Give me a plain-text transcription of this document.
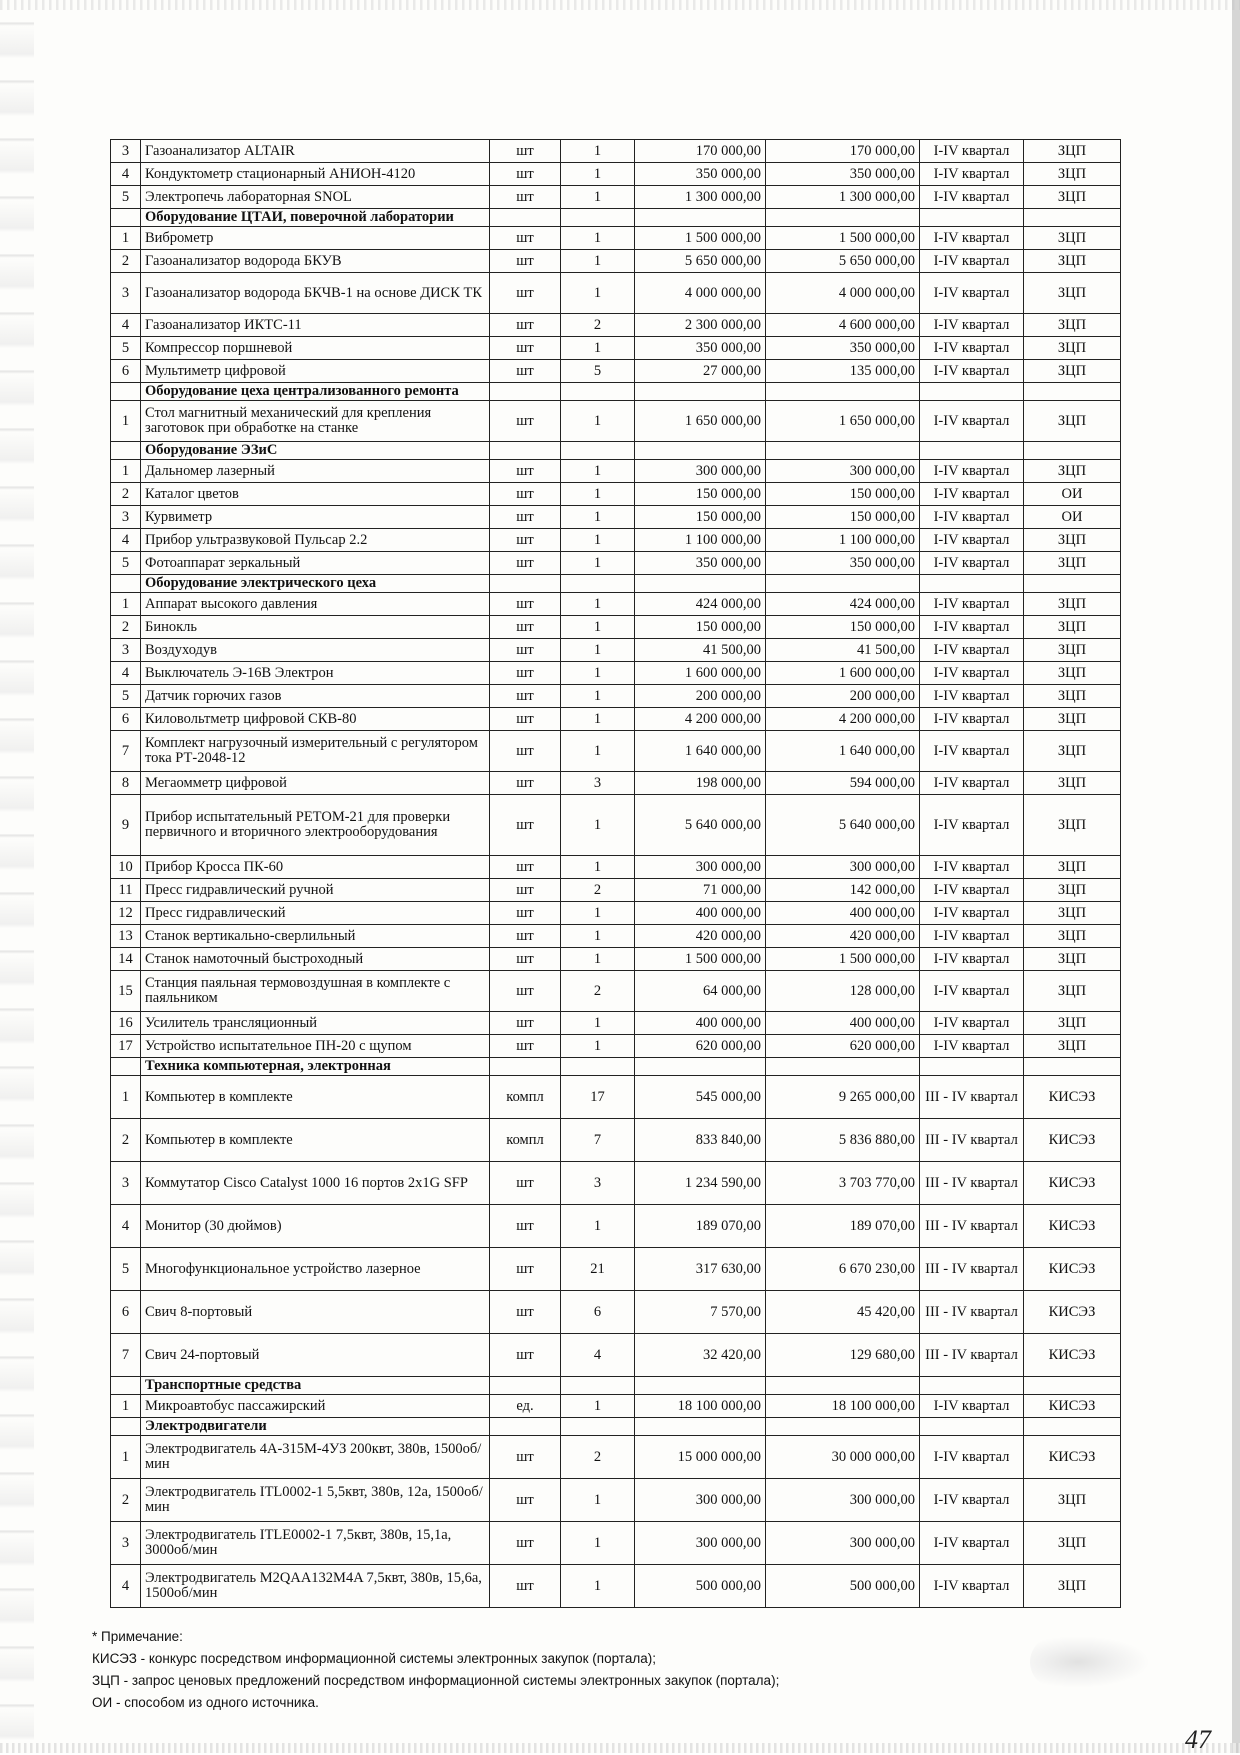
3	Газоанализатор ALTAIR	шт	1	170 000,00	170 000,00	I-IV квартал	ЗЦП
4	Кондуктометр стационарный АНИОН-4120	шт	1	350 000,00	350 000,00	I-IV квартал	ЗЦП
5	Электропечь лабораторная SNOL	шт	1	1 300 000,00	1 300 000,00	I-IV квартал	ЗЦП
	Оборудование ЦТАИ, поверочной лаборатории						
1	Виброметр	шт	1	1 500 000,00	1 500 000,00	I-IV квартал	ЗЦП
2	Газоанализатор водорода БКУВ	шт	1	5 650 000,00	5 650 000,00	I-IV квартал	ЗЦП
3	Газоанализатор водорода БКЧВ-1 на основе ДИСК ТК	шт	1	4 000 000,00	4 000 000,00	I-IV квартал	ЗЦП
4	Газоанализатор ИКТС-11	шт	2	2 300 000,00	4 600 000,00	I-IV квартал	ЗЦП
5	Компрессор поршневой	шт	1	350 000,00	350 000,00	I-IV квартал	ЗЦП
6	Мультиметр цифровой	шт	5	27 000,00	135 000,00	I-IV квартал	ЗЦП
	Оборудование цеха централизованного ремонта						
1	Стол магнитный механический для крепления заготовок при обработке на станке	шт	1	1 650 000,00	1 650 000,00	I-IV квартал	ЗЦП
	Оборудование ЭЗиС						
1	Дальномер лазерный	шт	1	300 000,00	300 000,00	I-IV квартал	ЗЦП
2	Каталог цветов	шт	1	150 000,00	150 000,00	I-IV квартал	ОИ
3	Курвиметр	шт	1	150 000,00	150 000,00	I-IV квартал	ОИ
4	Прибор ультразвуковой Пульсар 2.2	шт	1	1 100 000,00	1 100 000,00	I-IV квартал	ЗЦП
5	Фотоаппарат зеркальный	шт	1	350 000,00	350 000,00	I-IV квартал	ЗЦП
	Оборудование электрического цеха						
1	Аппарат высокого давления	шт	1	424 000,00	424 000,00	I-IV квартал	ЗЦП
2	Бинокль	шт	1	150 000,00	150 000,00	I-IV квартал	ЗЦП
3	Воздуходув	шт	1	41 500,00	41 500,00	I-IV квартал	ЗЦП
4	Выключатель Э-16В Электрон	шт	1	1 600 000,00	1 600 000,00	I-IV квартал	ЗЦП
5	Датчик горючих газов	шт	1	200 000,00	200 000,00	I-IV квартал	ЗЦП
6	Киловольтметр цифровой СКВ-80	шт	1	4 200 000,00	4 200 000,00	I-IV квартал	ЗЦП
7	Комплект нагрузочный измерительный с регулятором тока РТ-2048-12	шт	1	1 640 000,00	1 640 000,00	I-IV квартал	ЗЦП
8	Мегаомметр цифровой	шт	3	198 000,00	594 000,00	I-IV квартал	ЗЦП
9	Прибор испытательный РЕТОМ-21 для проверки первичного и вторичного электрооборудования	шт	1	5 640 000,00	5 640 000,00	I-IV квартал	ЗЦП
10	Прибор Кросса ПК-60	шт	1	300 000,00	300 000,00	I-IV квартал	ЗЦП
11	Пресс гидравлический ручной	шт	2	71 000,00	142 000,00	I-IV квартал	ЗЦП
12	Пресс гидравлический	шт	1	400 000,00	400 000,00	I-IV квартал	ЗЦП
13	Станок вертикально-сверлильный	шт	1	420 000,00	420 000,00	I-IV квартал	ЗЦП
14	Станок намоточный быстроходный	шт	1	1 500 000,00	1 500 000,00	I-IV квартал	ЗЦП
15	Станция паяльная термовоздушная в комплекте с паяльником	шт	2	64 000,00	128 000,00	I-IV квартал	ЗЦП
16	Усилитель трансляционный	шт	1	400 000,00	400 000,00	I-IV квартал	ЗЦП
17	Устройство испытательное ПН-20 с щупом	шт	1	620 000,00	620 000,00	I-IV квартал	ЗЦП
	Техника компьютерная, электронная						
1	Компьютер в комплекте	компл	17	545 000,00	9 265 000,00	III - IV квартал	КИСЭЗ
2	Компьютер в комплекте	компл	7	833 840,00	5 836 880,00	III - IV квартал	КИСЭЗ
3	Коммутатор Cisco Catalyst 1000 16 портов 2x1G SFP	шт	3	1 234 590,00	3 703 770,00	III - IV квартал	КИСЭЗ
4	Монитор (30 дюймов)	шт	1	189 070,00	189 070,00	III - IV квартал	КИСЭЗ
5	Многофункциональное устройство лазерное	шт	21	317 630,00	6 670 230,00	III - IV квартал	КИСЭЗ
6	Свич 8-портовый	шт	6	7 570,00	45 420,00	III - IV квартал	КИСЭЗ
7	Свич 24-портовый	шт	4	32 420,00	129 680,00	III - IV квартал	КИСЭЗ
	Транспортные средства						
1	Микроавтобус пассажирский	ед.	1	18 100 000,00	18 100 000,00	I-IV квартал	КИСЭЗ
	Электродвигатели						
1	Электродвигатель 4А-315М-4УЗ 200квт, 380в, 1500об/мин	шт	2	15 000 000,00	30 000 000,00	I-IV квартал	КИСЭЗ
2	Электродвигатель ITL0002-1 5,5квт, 380в, 12а, 1500об/мин	шт	1	300 000,00	300 000,00	I-IV квартал	ЗЦП
3	Электродвигатель ITLE0002-1 7,5квт, 380в, 15,1а, 3000об/мин	шт	1	300 000,00	300 000,00	I-IV квартал	ЗЦП
4	Электродвигатель M2QAA132M4A 7,5квт, 380в, 15,6а, 1500об/мин	шт	1	500 000,00	500 000,00	I-IV квартал	ЗЦП

* Примечание:

КИСЭЗ - конкурс посредством информационной системы электронных закупок (портала);

ЗЦП - запрос ценовых предложений посредством информационной системы электронных закупок (портала);

ОИ - способом из одного источника.

47
